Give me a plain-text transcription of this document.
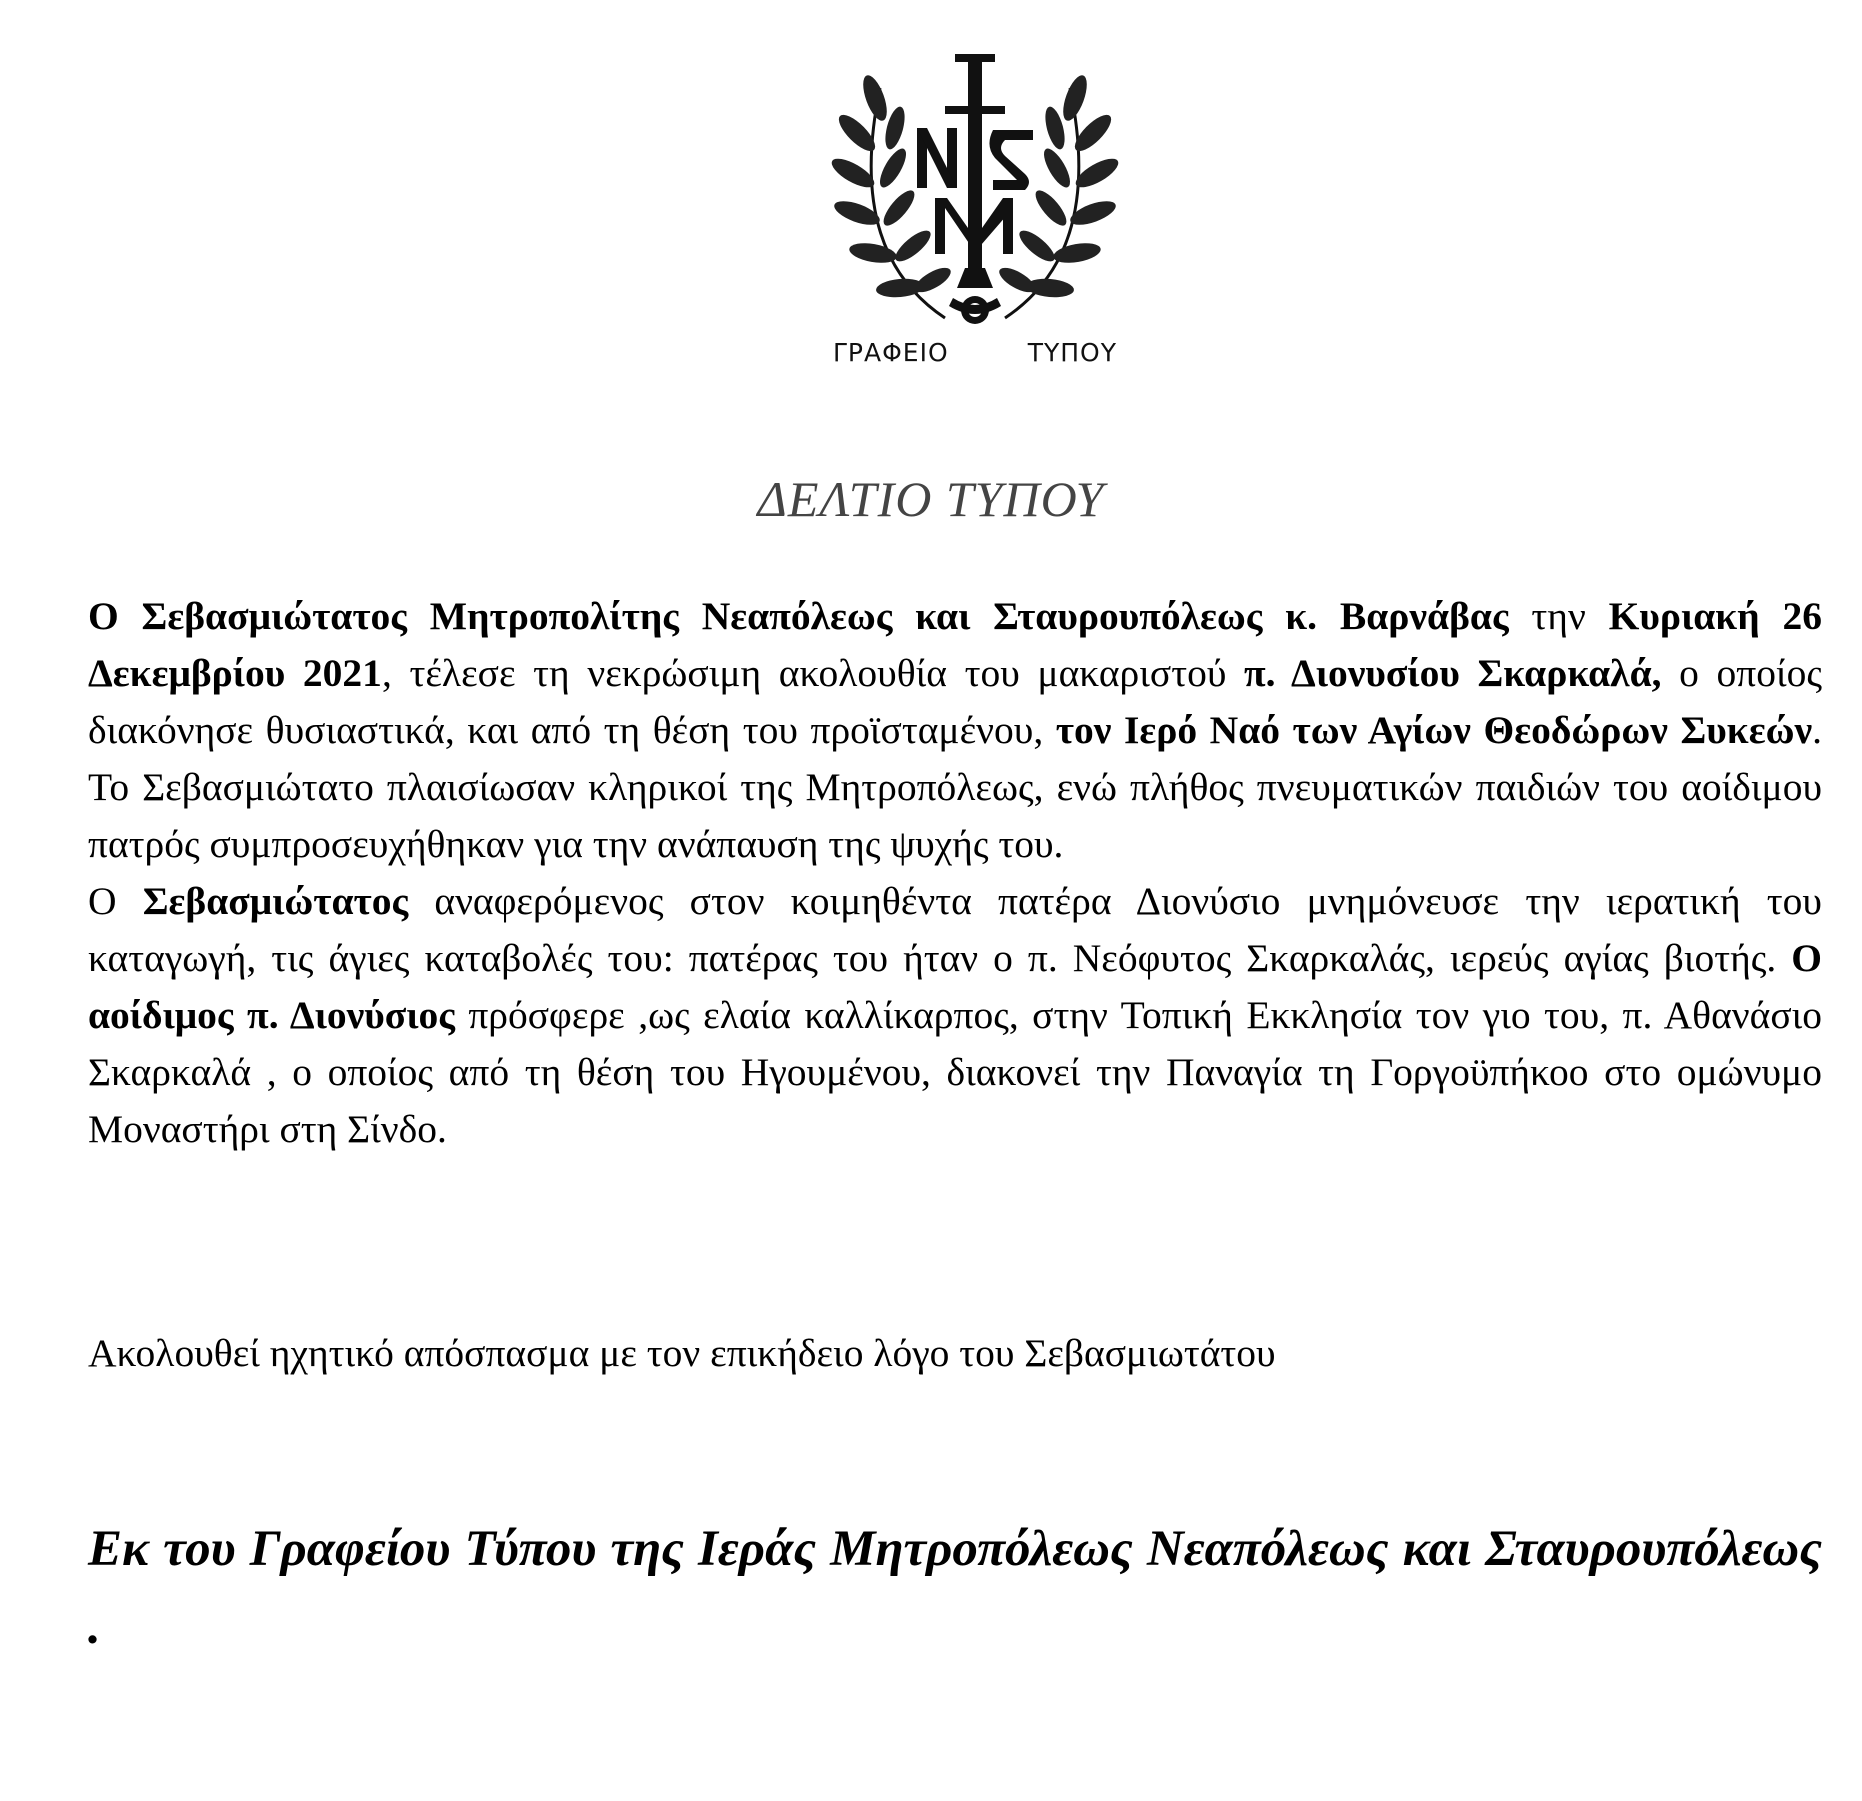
ΓΡΑΦΕΙΟ	ΤΥΠΟΥ
ΔΕΛΤΙΟ ΤΥΠΟΥ

Ο Σεβασμιώτατος Μητροπολίτης Νεαπόλεως και Σταυρουπόλεως κ. Βαρνάβας την Κυριακή 26 Δεκεμβρίου 2021, τέλεσε τη νεκρώσιμη ακολουθία του μακαριστού π. Διονυσίου Σκαρκαλά, ο οποίος διακόνησε θυσιαστικά, και από τη θέση του προϊσταμένου, τον Ιερό Ναό των Αγίων Θεοδώρων Συκεών. Το Σεβασμιώτατο πλαισίωσαν κληρικοί της Μητροπόλεως, ενώ πλήθος πνευματικών παιδιών του αοίδιμου πατρός συμπροσευχήθηκαν για την ανάπαυση της ψυχής του.

Ο Σεβασμιώτατος αναφερόμενος στον κοιμηθέντα πατέρα Διονύσιο μνημόνευσε την ιερατική του καταγωγή, τις άγιες καταβολές του: πατέρας του ήταν ο π. Νεόφυτος Σκαρκαλάς, ιερεύς αγίας βιοτής. Ο αοίδιμος π. Διονύσιος πρόσφερε ,ως ελαία καλλίκαρπος, στην Τοπική Εκκλησία τον γιο του, π. Αθανάσιο Σκαρκαλά , ο οποίος από τη θέση του Ηγουμένου, διακονεί την Παναγία τη Γοργοϋπήκοο στο ομώνυμο Μοναστήρι στη Σίνδο.

Ακολουθεί ηχητικό απόσπασμα με τον επικήδειο λόγο του Σεβασμιωτάτου
Εκ του Γραφείου Τύπου της Ιεράς Μητροπόλεως Νεαπόλεως και Σταυρουπόλεως .
